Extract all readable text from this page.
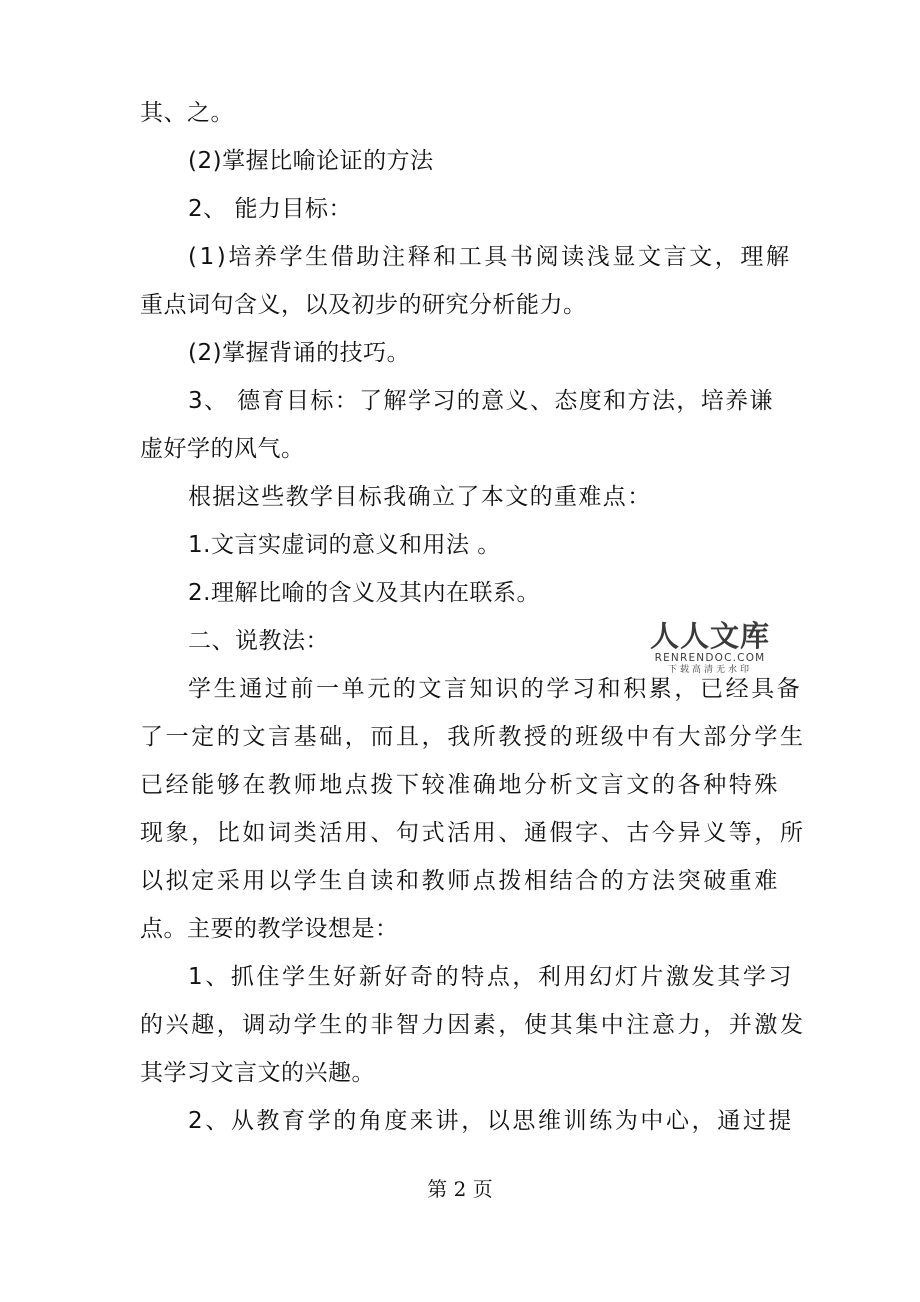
其、之。
(2)掌握比喻论证的方法
2、 能力目标：
(1)培养学生借助注释和工具书阅读浅显文言文，理解
重点词句含义，以及初步的研究分析能力。
(2)掌握背诵的技巧。
3、 德育目标：了解学习的意义、态度和方法，培养谦
虚好学的风气。
根据这些教学目标我确立了本文的重难点：
1.文言实虚词的意义和用法 。
2.理解比喻的含义及其内在联系。
二、说教法：
学生通过前一单元的文言知识的学习和积累，已经具备
了一定的文言基础，而且，我所教授的班级中有大部分学生
已经能够在教师地点拨下较准确地分析文言文的各种特殊
现象，比如词类活用、句式活用、通假字、古今异义等，所
以拟定采用以学生自读和教师点拨相结合的方法突破重难
点。主要的教学设想是：
1、抓住学生好新好奇的特点，利用幻灯片激发其学习
的兴趣，调动学生的非智力因素，使其集中注意力，并激发
其学习文言文的兴趣。
2、从教育学的角度来讲，以思维训练为中心，通过提
人人文库
RENRENDOC.COM
下载高清无水印
第 2 页
